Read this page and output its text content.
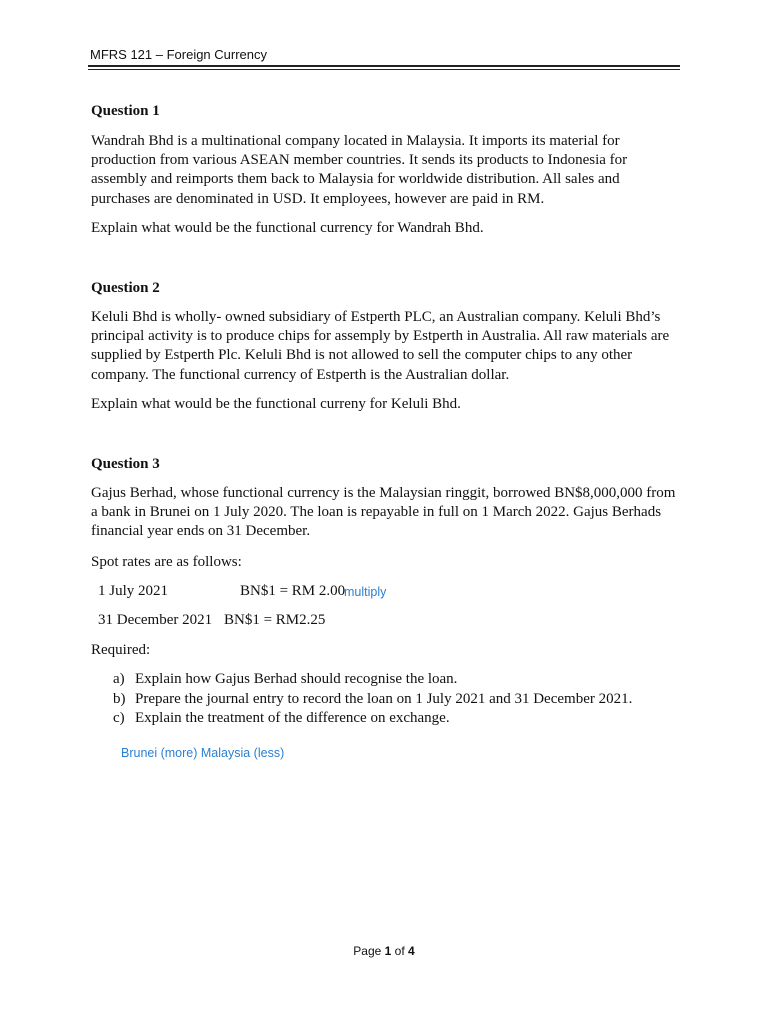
MFRS 121 – Foreign Currency
Question 1
Wandrah Bhd is a multinational company located in Malaysia. It imports its material for
production from various ASEAN member countries. It sends its products to Indonesia for
assembly and reimports them back to Malaysia for worldwide distribution. All sales and
purchases are denominated in USD. It employees, however are paid in RM.
Explain what would be the functional currency for Wandrah Bhd.
Question 2
Keluli Bhd is wholly- owned subsidiary of Estperth PLC, an Australian company. Keluli Bhd’s
principal activity is to produce chips for assemply by Estperth in Australia. All raw materials are
supplied by Estperth Plc. Keluli Bhd is not allowed to sell the computer chips to any other
company. The functional currency of Estperth is the Australian dollar.
Explain what would be the functional curreny for Keluli Bhd.
Question 3
Gajus Berhad, whose functional currency is the Malaysian ringgit, borrowed BN$8,000,000 from
a bank in Brunei on 1 July 2020. The loan is repayable in full on 1 March 2022. Gajus Berhads
financial year ends on 31 December.
Spot rates are as follows:
1 July 2021	BN$1 = RM 2.00
multiply
31 December 2021 BN$1 = RM2.25
Required:
a) Explain how Gajus Berhad should recognise the loan.
b) Prepare the journal entry to record the loan on 1 July 2021 and 31 December 2021.
c) Explain the treatment of the difference on exchange.
Brunei (more) Malaysia (less)
Page 1 of 4
